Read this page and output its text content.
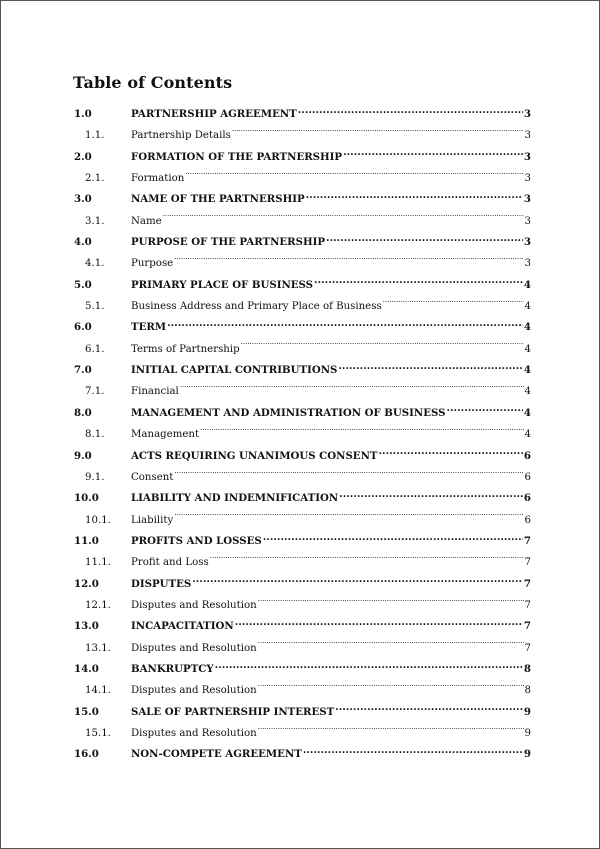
Table of Contents
1.0	PARTNERSHIP AGREEMENT .....	3
1.1.	Partnership Details .....	3
2.0	FORMATION OF THE PARTNERSHIP .....	3
2.1.	Formation .....	3
3.0	NAME OF THE PARTNERSHIP .....	3
3.1.	Name .....	3
4.0	PURPOSE OF THE PARTNERSHIP .....	3
4.1.	Purpose .....	3
5.0	PRIMARY PLACE OF BUSINESS .....	4
5.1.	Business Address and Primary Place of Business .....	4
6.0	TERM .....	4
6.1.	Terms of Partnership .....	4
7.0	INITIAL CAPITAL CONTRIBUTIONS .....	4
7.1.	Financial .....	4
8.0	MANAGEMENT AND ADMINISTRATION OF BUSINESS .....	4
8.1.	Management .....	4
9.0	ACTS REQUIRING UNANIMOUS CONSENT .....	6
9.1.	Consent .....	6
10.0	LIABILITY AND INDEMNIFICATION .....	6
10.1.	Liability .....	6
11.0	PROFITS AND LOSSES .....	7
11.1.	Profit and Loss .....	7
12.0	DISPUTES .....	7
12.1.	Disputes and Resolution .....	7
13.0	INCAPACITATION .....	7
13.1.	Disputes and Resolution .....	7
14.0	BANKRUPTCY .....	8
14.1.	Disputes and Resolution .....	8
15.0	SALE OF PARTNERSHIP INTEREST .....	9
15.1.	Disputes and Resolution .....	9
16.0	NON-COMPETE AGREEMENT .....	9
